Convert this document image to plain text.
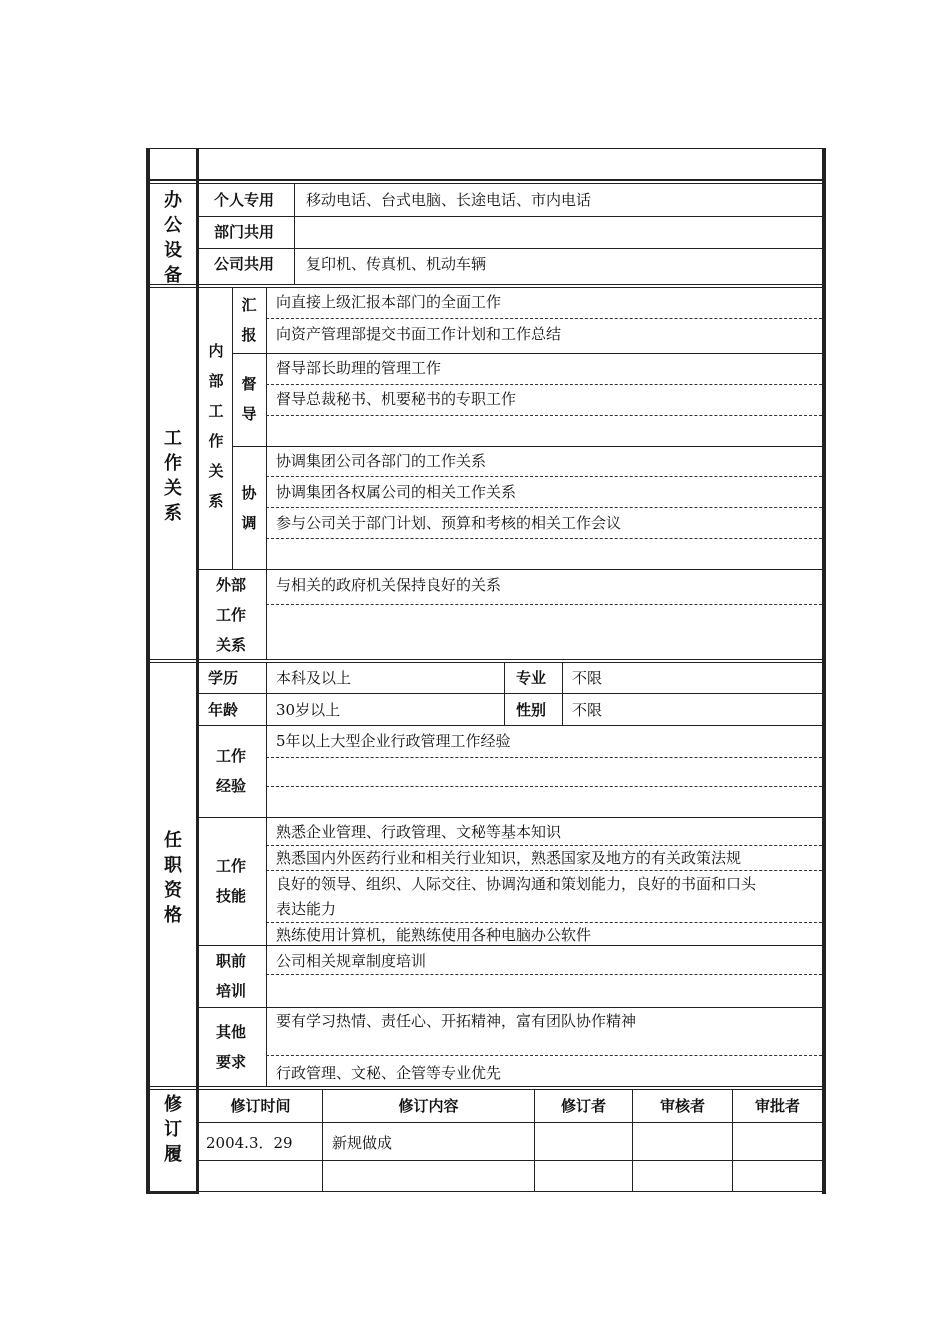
办公设备
个人专用 移动电话、台式电脑、长途电话、市内电话
部门共用
公司共用 复印机、传真机、机动车辆
工作关系
内部工作关系
汇报
向直接上级汇报本部门的全面工作
向资产管理部提交书面工作计划和工作总结
督导
督导部长助理的管理工作
督导总裁秘书、机要秘书的专职工作
协调
协调集团公司各部门的工作关系
协调集团各权属公司的相关工作关系
参与公司关于部门计划、预算和考核的相关工作会议
外部
工作
关系
与相关的政府机关保持良好的关系
任职资格
学历	本科及以上	专业 不限
年龄	30岁以上	性别 不限
工作
经验
5年以上大型企业行政管理工作经验
工作
技能
熟悉企业管理、行政管理、文秘等基本知识
熟悉国内外医药行业和相关行业知识，熟悉国家及地方的有关政策法规
良好的领导、组织、人际交往、协调沟通和策划能力，良好的书面和口头
表达能力
熟练使用计算机，能熟练使用各种电脑办公软件
职前
培训
公司相关规章制度培训
其他
要求
要有学习热情、责任心、开拓精神，富有团队协作精神
行政管理、文秘、企管等专业优先
修订履
修订时间	修订内容	修订者	审核者	审批者
2004.3．29	新规做成
